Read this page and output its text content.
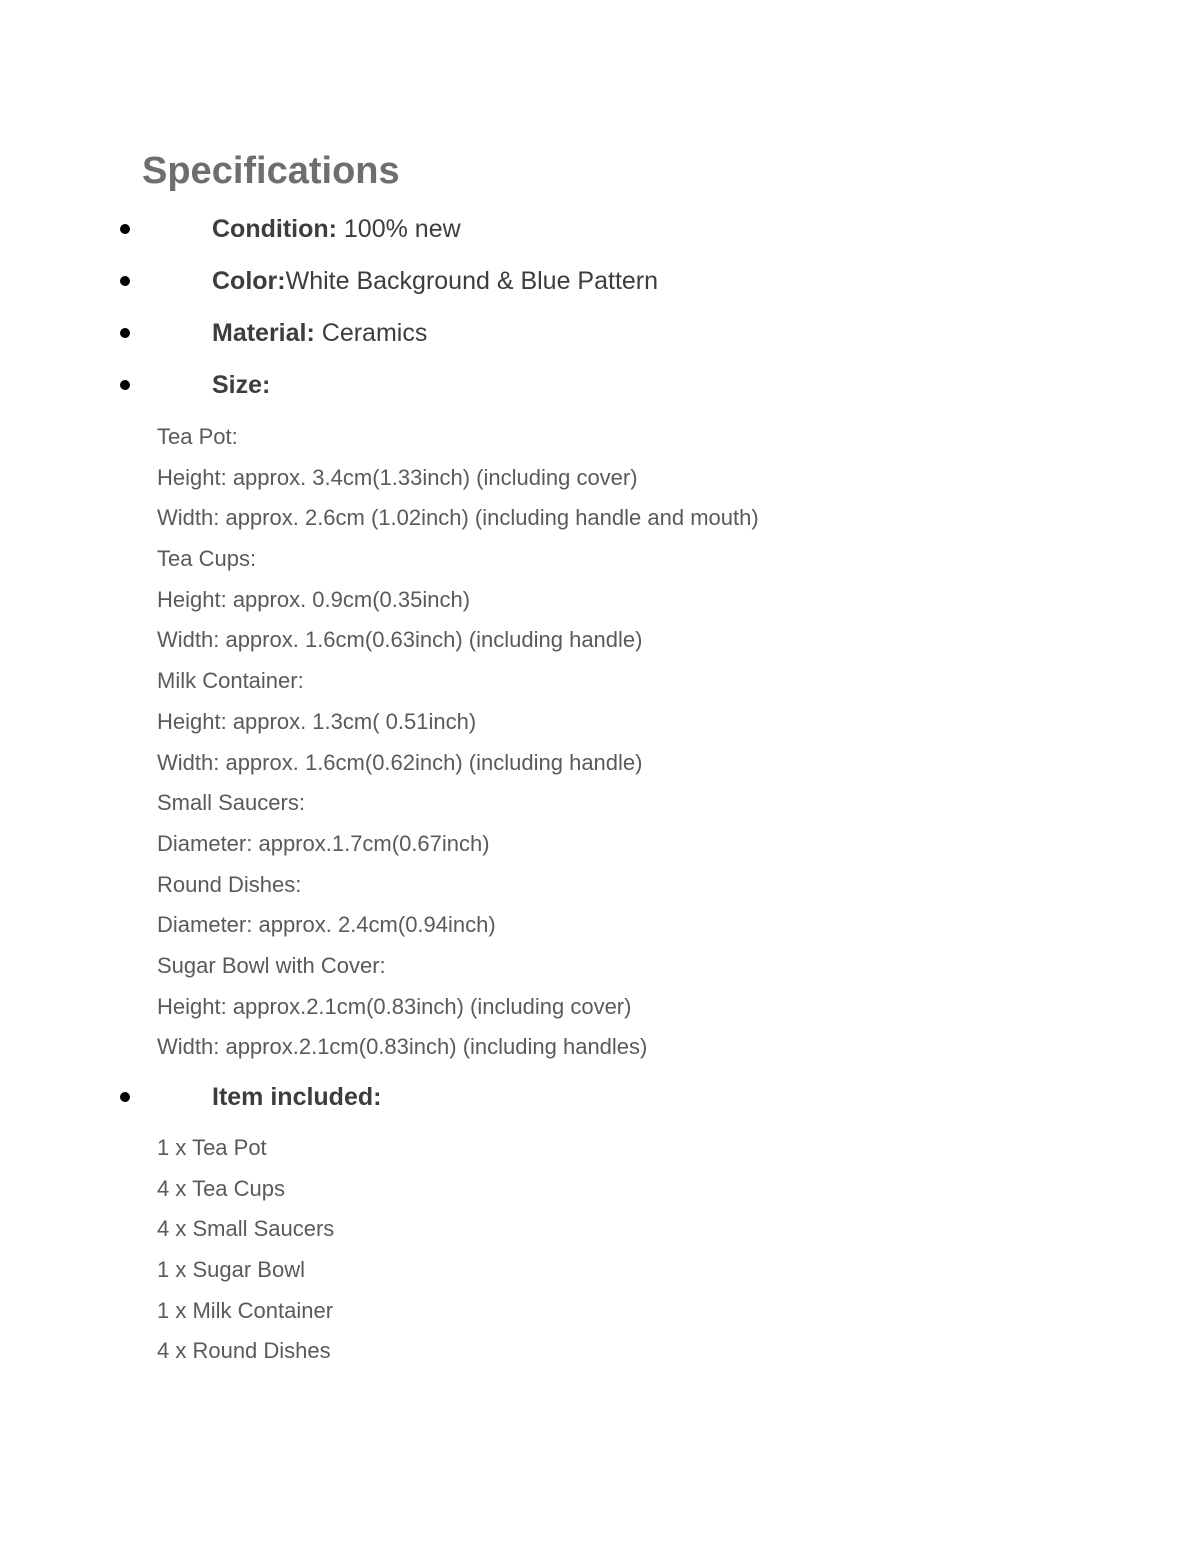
Specifications
Condition: 100% new
Color:White Background & Blue Pattern
Material: Ceramics
Size:
Tea Pot:
Height: approx. 3.4cm(1.33inch) (including cover)
Width: approx. 2.6cm (1.02inch) (including handle and mouth)
Tea Cups:
Height: approx. 0.9cm(0.35inch)
Width: approx. 1.6cm(0.63inch) (including handle)
Milk Container:
Height: approx. 1.3cm( 0.51inch)
Width: approx. 1.6cm(0.62inch) (including handle)
Small Saucers:
Diameter: approx.1.7cm(0.67inch)
Round Dishes:
Diameter: approx. 2.4cm(0.94inch)
Sugar Bowl with Cover:
Height: approx.2.1cm(0.83inch) (including cover)
Width: approx.2.1cm(0.83inch) (including handles)
Item included:
1 x Tea Pot
4 x Tea Cups
4 x Small Saucers
1 x Sugar Bowl
1 x Milk Container
4 x Round Dishes
